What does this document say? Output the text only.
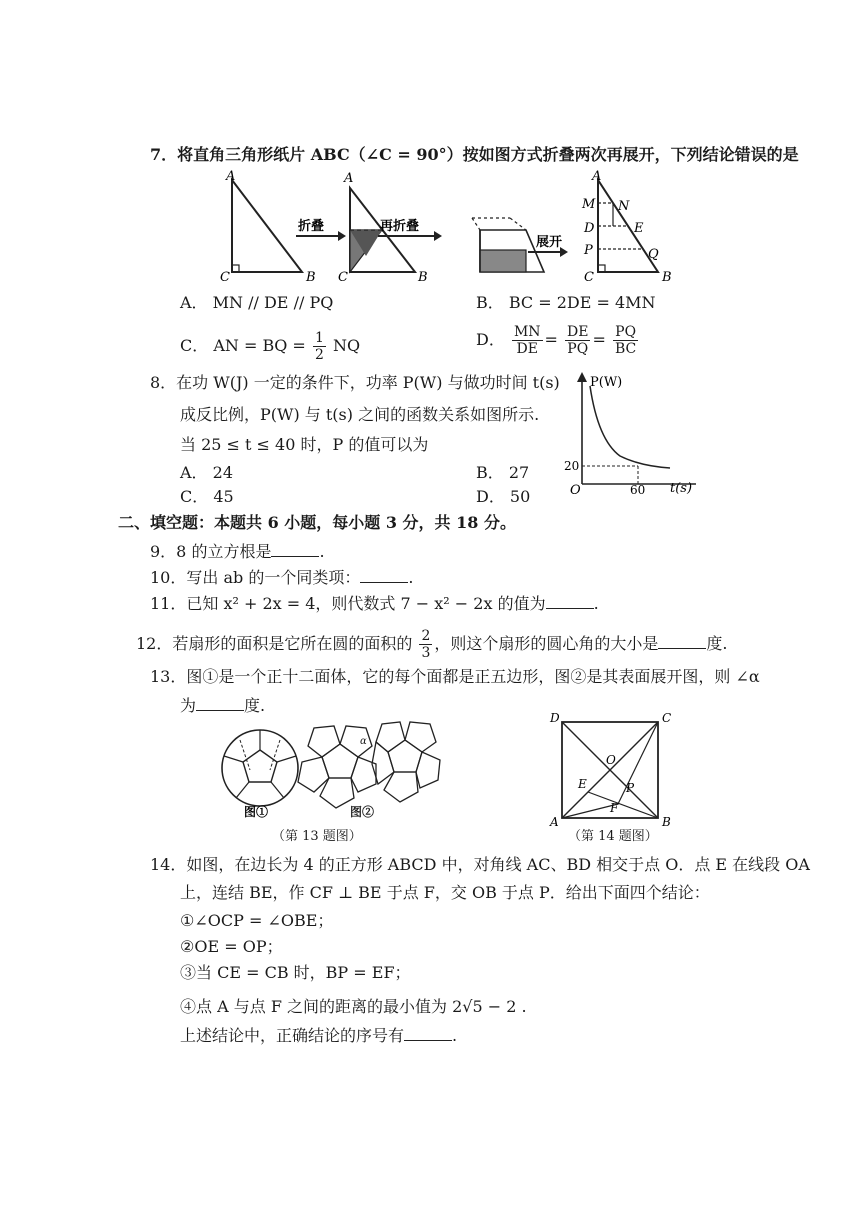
7．将直角三角形纸片 ABC（∠C = 90°）按如图方式折叠两次再展开，下列结论错误的是
A
C	B
折叠
A
C	B
再折叠
展开
A
M N
D	E
P	Q
C	B
A． MN // DE // PQ	B． BC = 2DE = 4MN
C． AN = BQ = $\frac{1}{2}$ NQ	D． $\frac{MN}{DE} = \frac{DE}{PQ} = \frac{PQ}{BC}$
8．在功 W(J) 一定的条件下，功率 P(W) 与做功时间 t(s)
成反比例，P(W) 与 t(s) 之间的函数关系如图所示.
当 25 ≤ t ≤ 40 时，P 的值可以为
A． 24	B． 27
C． 45	D． 50
P(W)
t(s)
O
20
60
二、填空题：本题共 6 小题，每小题 3 分，共 18 分。
9．8 的立方根是	.
10．写出 ab 的一个同类项：	.
11．已知 x² + 2x = 4，则代数式 7 − x² − 2x 的值为	.
12．若扇形的面积是它所在圆的面积的 $\frac{2}{3}$ ，则这个扇形的圆心角的大小是	度.
13．图①是一个正十二面体，它的每个面都是正五边形，图②是其表面展开图，则 ∠α
为	度.
图①
α
图②
（第 13 题图）
D	C
A	B
O
E
F
P
（第 14 题图）
14．如图，在边长为 4 的正方形 ABCD 中，对角线 AC、BD 相交于点 O．点 E 在线段 OA
上，连结 BE，作 CF ⊥ BE 于点 F，交 OB 于点 P．给出下面四个结论：
①∠OCP = ∠OBE；
②OE = OP；
③当 CE = CB 时，BP = EF；
④点 A 与点 F 之间的距离的最小值为 2√5 − 2 .
上述结论中，正确结论的序号有	.
